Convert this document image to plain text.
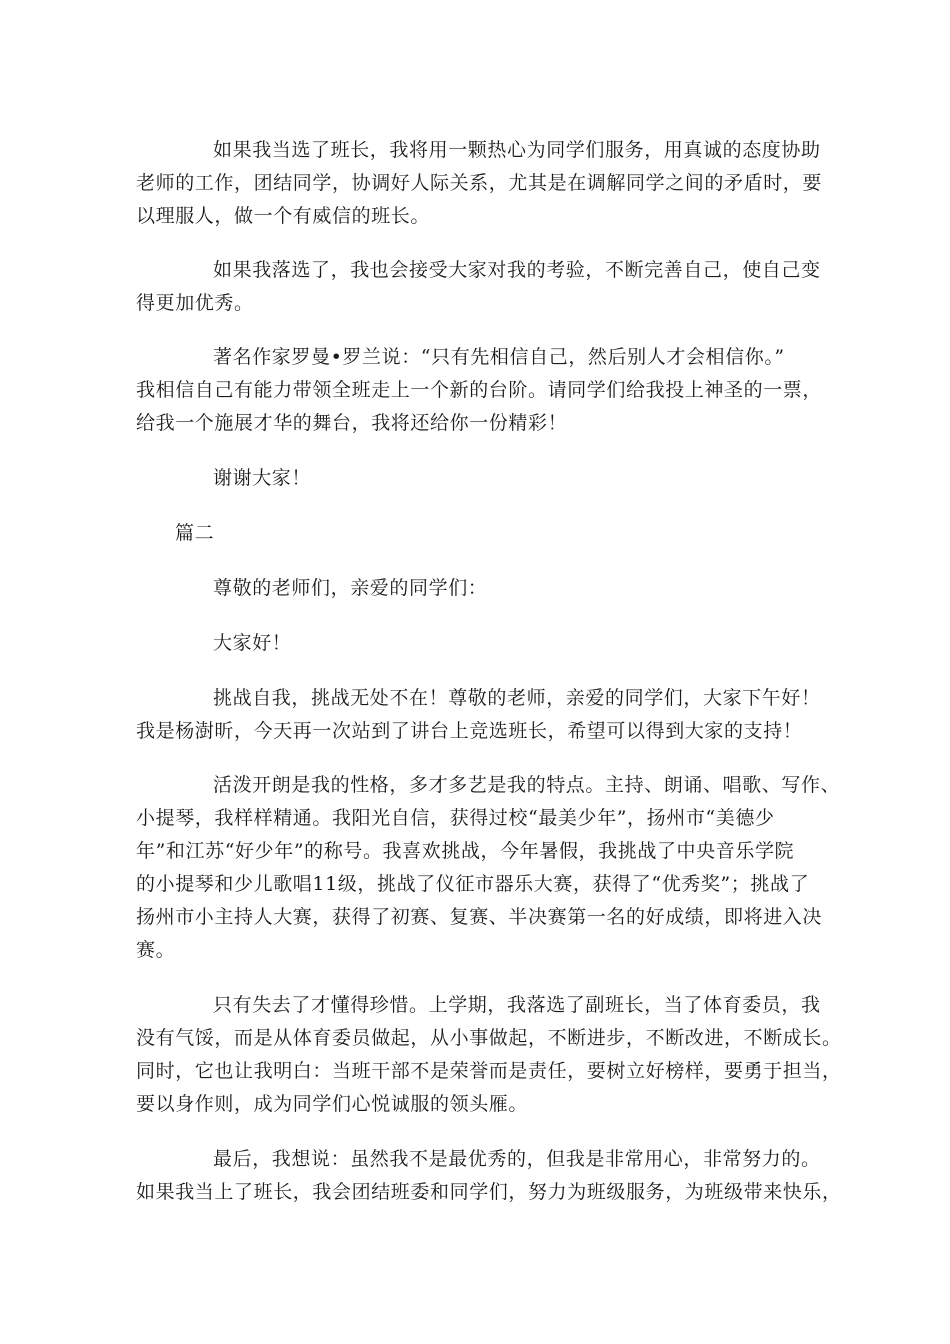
如果我当选了班长，我将用一颗热心为同学们服务，用真诚的态度协助
老师的工作，团结同学，协调好人际关系，尤其是在调解同学之间的矛盾时，要
以理服人，做一个有威信的班长。
如果我落选了，我也会接受大家对我的考验，不断完善自己，使自己变
得更加优秀。
著名作家罗曼•罗兰说：“只有先相信自己，然后别人才会相信你。”
我相信自己有能力带领全班走上一个新的台阶。请同学们给我投上神圣的一票，
给我一个施展才华的舞台，我将还给你一份精彩！
谢谢大家！
篇二
尊敬的老师们，亲爱的同学们：
大家好！
挑战自我，挑战无处不在！尊敬的老师，亲爱的同学们，大家下午好！
我是杨澍昕，今天再一次站到了讲台上竞选班长，希望可以得到大家的支持！
活泼开朗是我的性格，多才多艺是我的特点。主持、朗诵、唱歌、写作、
小提琴，我样样精通。我阳光自信，获得过校“最美少年”，扬州市“美德少
年”和江苏“好少年”的称号。我喜欢挑战，今年暑假，我挑战了中央音乐学院
的小提琴和少儿歌唱11级，挑战了仪征市器乐大赛，获得了“优秀奖”；挑战了
扬州市小主持人大赛，获得了初赛、复赛、半决赛第一名的好成绩，即将进入决
赛。
只有失去了才懂得珍惜。上学期，我落选了副班长，当了体育委员，我
没有气馁，而是从体育委员做起，从小事做起，不断进步，不断改进，不断成长。
同时，它也让我明白：当班干部不是荣誉而是责任，要树立好榜样，要勇于担当，
要以身作则，成为同学们心悦诚服的领头雁。
最后，我想说：虽然我不是最优秀的，但我是非常用心，非常努力的。
如果我当上了班长，我会团结班委和同学们，努力为班级服务，为班级带来快乐，
